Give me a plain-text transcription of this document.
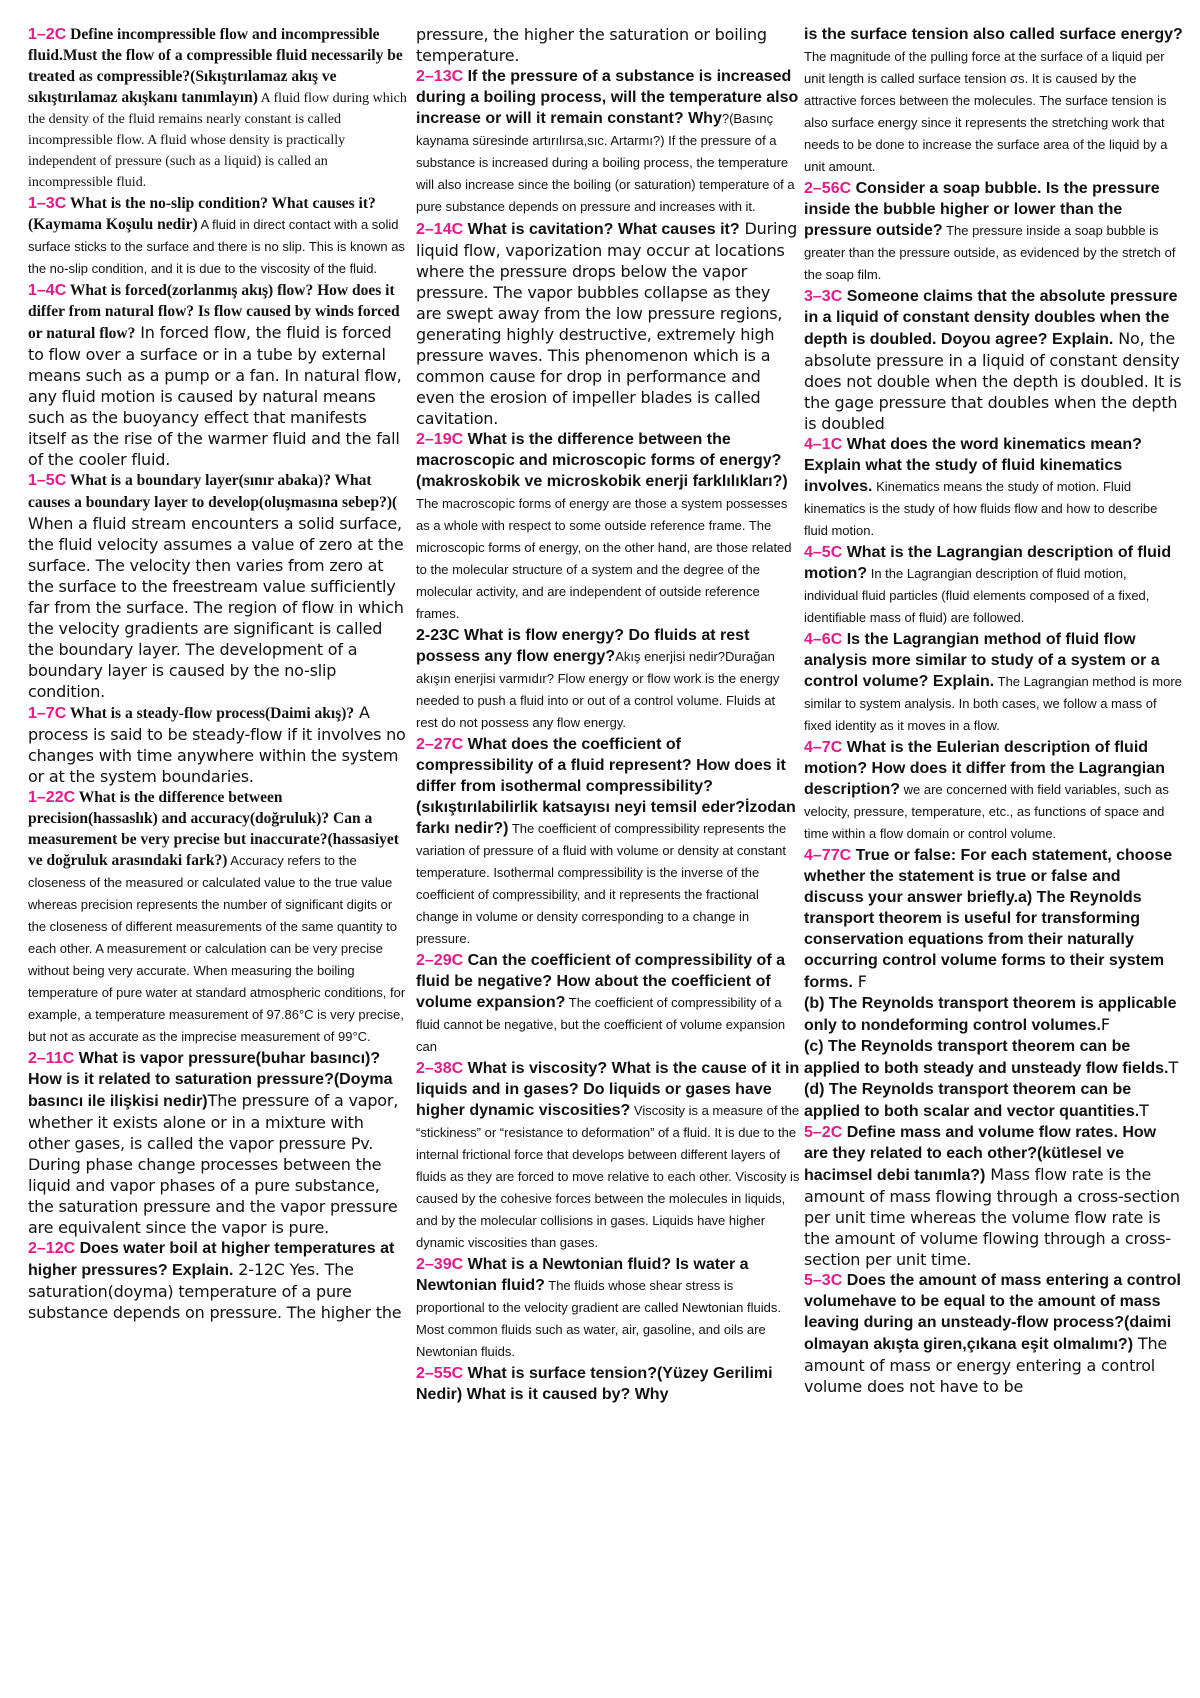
1–2C Define incompressible flow and incompressible fluid.Must the flow of a compressible fluid necessarily be treated as compressible?(Sıkıştırılamaz akış ve sıkıştırılamaz akışkanı tanımlayın) A fluid flow during which the density of the fluid remains nearly constant is called incompressible flow. A fluid whose density is practically independent of pressure (such as a liquid) is called an incompressible fluid.

1–3C What is the no-slip condition? What causes it?(Kaymama Koşulu nedir) A fluid in direct contact with a solid surface sticks to the surface and there is no slip. This is known as the no-slip condition, and it is due to the viscosity of the fluid.

1–4C What is forced(zorlanmış akış) flow? How does it differ from natural flow? Is flow caused by winds forced or natural flow? In forced flow, the fluid is forced to flow over a surface or in a tube by external means such as a pump or a fan. In natural flow, any fluid motion is caused by natural means such as the buoyancy effect that manifests itself as the rise of the warmer fluid and the fall of the cooler fluid.

1–5C What is a boundary layer(sınır abaka)? What causes a boundary layer to develop(oluşmasına sebep?)( When a fluid stream encounters a solid surface, the fluid velocity assumes a value of zero at the surface. The velocity then varies from zero at the surface to the freestream value sufficiently far from the surface. The region of flow in which the velocity gradients are significant is called the boundary layer. The development of a boundary layer is caused by the no-slip condition.

1–7C What is a steady-flow process(Daimi akış)? A process is said to be steady-flow if it involves no changes with time anywhere within the system or at the system boundaries.

1–22C What is the difference between precision(hassaslık) and accuracy(doğruluk)? Can a measurement be very precise but inaccurate?(hassasiyet ve doğruluk arasındaki fark?) Accuracy refers to the closeness of the measured or calculated value to the true value whereas precision represents the number of significant digits or the closeness of different measurements of the same quantity to each other. A measurement or calculation can be very precise without being very accurate. When measuring the boiling temperature of pure water at standard atmospheric conditions, for example, a temperature measurement of 97.86°C is very precise, but not as accurate as the imprecise measurement of 99°C.

2–11C What is vapor pressure(buhar basıncı)? How is it related to saturation pressure?(Doyma basıncı ile ilişkisi nedir)The pressure of a vapor, whether it exists alone or in a mixture with other gases, is called the vapor pressure Pv. During phase change processes between the liquid and vapor phases of a pure substance, the saturation pressure and the vapor pressure are equivalent since the vapor is pure.

2–12C Does water boil at higher temperatures at higher pressures? Explain. 2-12C Yes. The saturation(doyma) temperature of a pure substance depends on pressure. The higher the

pressure, the higher the saturation or boiling temperature.

2–13C If the pressure of a substance is increased during a boiling process, will the temperature also increase or will it remain constant? Why?(Basınç kaynama süresinde artırılırsa,sıc. Artarmı?) If the pressure of a substance is increased during a boiling process, the temperature will also increase since the boiling (or saturation) temperature of a pure substance depends on pressure and increases with it.

2–14C What is cavitation? What causes it? During liquid flow, vaporization may occur at locations where the pressure drops below the vapor pressure. The vapor bubbles collapse as they are swept away from the low pressure regions, generating highly destructive, extremely high pressure waves. This phenomenon which is a common cause for drop in performance and even the erosion of impeller blades is called cavitation.

2–19C What is the difference between the macroscopic and microscopic forms of energy?(makroskobik ve microskobik enerji farklılıkları?) The macroscopic forms of energy are those a system possesses as a whole with respect to some outside reference frame. The microscopic forms of energy, on the other hand, are those related to the molecular structure of a system and the degree of the molecular activity, and are independent of outside reference frames.

2-23C What is flow energy? Do fluids at rest possess any flow energy?Akış enerjisi nedir?Durağan akışın enerjisi varmıdır? Flow energy or flow work is the energy needed to push a fluid into or out of a control volume. Fluids at rest do not possess any flow energy.

2–27C What does the coefficient of compressibility of a fluid represent? How does it differ from isothermal compressibility?(sıkıştırılabilirlik katsayısı neyi temsil eder?İzodan farkı nedir?) The coefficient of compressibility represents the variation of pressure of a fluid with volume or density at constant temperature. Isothermal compressibility is the inverse of the coefficient of compressibility, and it represents the fractional change in volume or density corresponding to a change in pressure.

2–29C Can the coefficient of compressibility of a fluid be negative? How about the coefficient of volume expansion? The coefficient of compressibility of a fluid cannot be negative, but the coefficient of volume expansion can

2–38C What is viscosity? What is the cause of it in liquids and in gases? Do liquids or gases have higher dynamic viscosities? Viscosity is a measure of the “stickiness” or “resistance to deformation” of a fluid. It is due to the internal frictional force that develops between different layers of fluids as they are forced to move relative to each other. Viscosity is caused by the cohesive forces between the molecules in liquids, and by the molecular collisions in gases. Liquids have higher dynamic viscosities than gases.

2–39C What is a Newtonian fluid? Is water a Newtonian fluid? The fluids whose shear stress is proportional to the velocity gradient are called Newtonian fluids. Most common fluids such as water, air, gasoline, and oils are Newtonian fluids.

2–55C What is surface tension?(Yüzey Gerilimi Nedir) What is it caused by? Why

is the surface tension also called surface energy? The magnitude of the pulling force at the surface of a liquid per unit length is called surface tension σs. It is caused by the attractive forces between the molecules. The surface tension is also surface energy since it represents the stretching work that needs to be done to increase the surface area of the liquid by a unit amount.

2–56C Consider a soap bubble. Is the pressure inside the bubble higher or lower than the pressure outside? The pressure inside a soap bubble is greater than the pressure outside, as evidenced by the stretch of the soap film.

3–3C Someone claims that the absolute pressure in a liquid of constant density doubles when the depth is doubled. Doyou agree? Explain. No, the absolute pressure in a liquid of constant density does not double when the depth is doubled. It is the gage pressure that doubles when the depth is doubled

4–1C What does the word kinematics mean? Explain what the study of fluid kinematics involves. Kinematics means the study of motion. Fluid kinematics is the study of how fluids flow and how to describe fluid motion.

4–5C What is the Lagrangian description of fluid motion? In the Lagrangian description of fluid motion, individual fluid particles (fluid elements composed of a fixed, identifiable mass of fluid) are followed.

4–6C Is the Lagrangian method of fluid flow analysis more similar to study of a system or a control volume? Explain. The Lagrangian method is more similar to system analysis. In both cases, we follow a mass of fixed identity as it moves in a flow.

4–7C What is the Eulerian description of fluid motion? How does it differ from the Lagrangian description? we are concerned with field variables, such as velocity, pressure, temperature, etc., as functions of space and time within a flow domain or control volume.

4–77C True or false: For each statement, choose whether the statement is true or false and discuss your answer briefly.a) The Reynolds transport theorem is useful for transforming conservation equations from their naturally occurring control volume forms to their system forms. F

(b) The Reynolds transport theorem is applicable only to nondeforming control volumes.F

(c) The Reynolds transport theorem can be applied to both steady and unsteady flow fields.T

(d) The Reynolds transport theorem can be applied to both scalar and vector quantities.T

5–2C Define mass and volume flow rates. How are they related to each other?(kütlesel ve hacimsel debi tanımla?) Mass flow rate is the amount of mass flowing through a cross-section per unit time whereas the volume flow rate is the amount of volume flowing through a cross-section per unit time.

5–3C Does the amount of mass entering a control volumehave to be equal to the amount of mass leaving during an unsteady-flow process?(daimi olmayan akışta giren,çıkana eşit olmalımı?) The amount of mass or energy entering a control volume does not have to be
